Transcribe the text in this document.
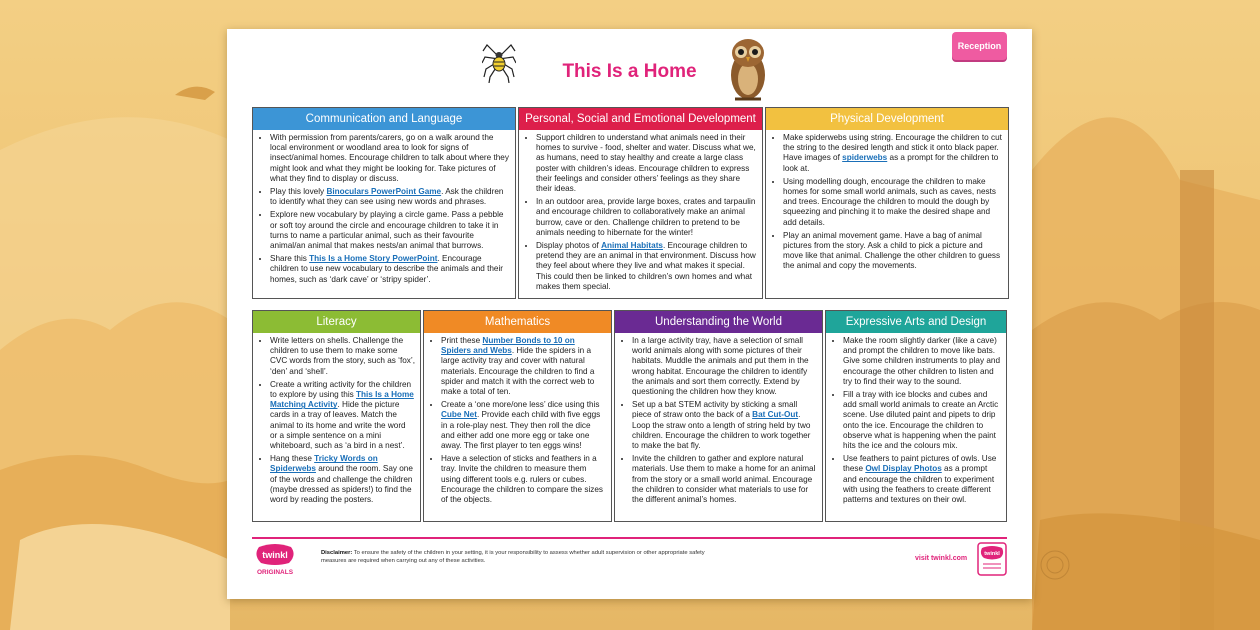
This Is a Home
Reception
Communication and Language
• With permission from parents/carers, go on a walk around the local environment or woodland area to look for signs of insect/animal homes. Encourage children to talk about where they might look and what they might be looking for. Take pictures of what they find to display or discuss.
• Play this lovely Binoculars PowerPoint Game. Ask the children to identify what they can see using new words and phrases.
• Explore new vocabulary by playing a circle game. Pass a pebble or soft toy around the circle and encourage children to take it in turns to name a particular animal, such as their favourite animal/an animal that makes nests/an animal that burrows.
• Share this This Is a Home Story PowerPoint. Encourage children to use new vocabulary to describe the animals and their homes, such as ‘dark cave’ or ‘stripy spider’.
Personal, Social and Emotional Development
• Support children to understand what animals need in their homes to survive - food, shelter and water. Discuss what we, as humans, need to stay healthy and create a large class poster with children’s ideas. Encourage children to express their feelings and consider others’ feelings as they share their ideas.
• In an outdoor area, provide large boxes, crates and tarpaulin and encourage children to collaboratively make an animal burrow, cave or den. Challenge children to pretend to be animals needing to hibernate for the winter!
• Display photos of Animal Habitats. Encourage children to pretend they are an animal in that environment. Discuss how they feel about where they live and what makes it special. This could then be linked to children’s own homes and what makes them special.
Physical Development
• Make spiderwebs using string. Encourage the children to cut the string to the desired length and stick it onto black paper. Have images of spiderwebs as a prompt for the children to look at.
• Using modelling dough, encourage the children to make homes for some small world animals, such as caves, nests and trees. Encourage the children to mould the dough by squeezing and pinching it to make the desired shape and add details.
• Play an animal movement game. Have a bag of animal pictures from the story. Ask a child to pick a picture and move like that animal. Challenge the other children to guess the animal and copy the movements.
Literacy
• Write letters on shells. Challenge the children to use them to make some CVC words from the story, such as ‘fox’, ‘den’ and ‘shell’.
• Create a writing activity for the children to explore by using this This Is a Home Matching Activity. Hide the picture cards in a tray of leaves. Match the animal to its home and write the word or a simple sentence on a mini whiteboard, such as ‘a bird in a nest’.
• Hang these Tricky Words on Spiderwebs around the room. Say one of the words and challenge the children (maybe dressed as spiders!) to find the word by reading the posters.
Mathematics
• Print these Number Bonds to 10 on Spiders and Webs. Hide the spiders in a large activity tray and cover with natural materials. Encourage the children to find a spider and match it with the correct web to make a total of ten.
• Create a ‘one more/one less’ dice using this Cube Net. Provide each child with five eggs in a role-play nest. They then roll the dice and either add one more egg or take one away. The first player to ten eggs wins!
• Have a selection of sticks and feathers in a tray. Invite the children to measure them using different tools e.g. rulers or cubes. Encourage the children to compare the sizes of the objects.
Understanding the World
• In a large activity tray, have a selection of small world animals along with some pictures of their habitats. Muddle the animals and put them in the wrong habitat. Encourage the children to identify the animals and sort them correctly. Extend by questioning the children how they know.
• Set up a bat STEM activity by sticking a small piece of straw onto the back of a Bat Cut-Out. Loop the straw onto a length of string held by two children. Encourage the children to work together to make the bat fly.
• Invite the children to gather and explore natural materials. Use them to make a home for an animal from the story or a small world animal. Encourage the children to consider what materials to use for the different animal’s homes.
Expressive Arts and Design
• Make the room slightly darker (like a cave) and prompt the children to move like bats. Give some children instruments to play and encourage the other children to listen and try to find their way to the sound.
• Fill a tray with ice blocks and cubes and add small world animals to create an Arctic scene. Use diluted paint and pipets to drip onto the ice. Encourage the children to observe what is happening when the paint hits the ice and the colours mix.
• Use feathers to paint pictures of owls. Use these Owl Display Photos as a prompt and encourage the children to experiment with using the feathers to create different patterns and textures on their owl.
twinkl
ORIGINALS
Disclaimer: To ensure the safety of the children in your setting, it is your responsibility to assess whether adult supervision or other appropriate safety measures are required when carrying out any of these activities.	visit twinkl.com
twinkl
